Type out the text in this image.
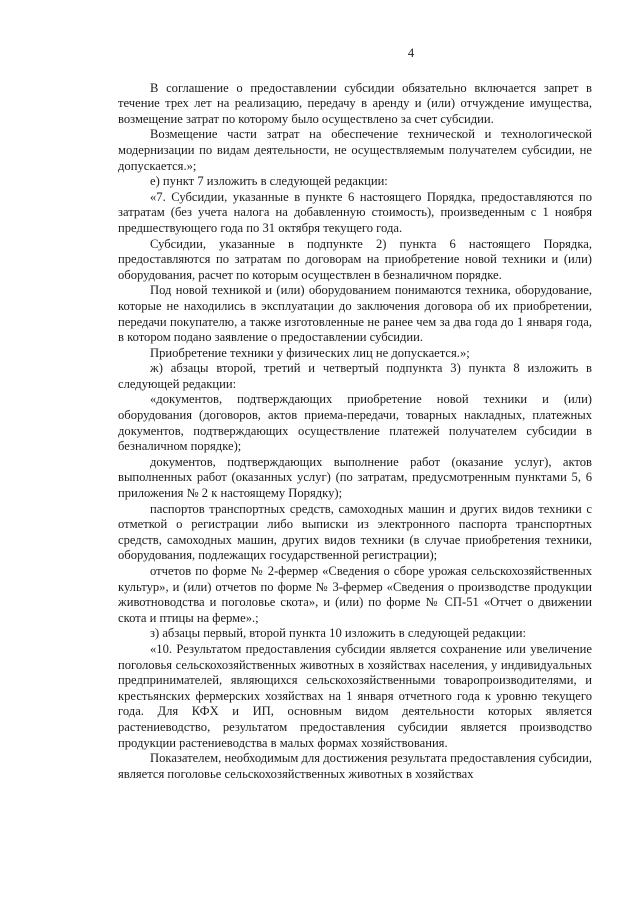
4

В соглашение о предоставлении субсидии обязательно включается запрет в течение трех лет на реализацию, передачу в аренду и (или) отчуждение имущества, возмещение затрат по которому было осуществлено за счет субсидии.

Возмещение части затрат на обеспечение технической и технологической модернизации по видам деятельности, не осуществляемым получателем субсидии, не допускается.»;

е) пункт 7 изложить в следующей редакции:

«7. Субсидии, указанные в пункте 6 настоящего Порядка, предоставляются по затратам (без учета налога на добавленную стоимость), произведенным с 1 ноября предшествующего года по 31 октября текущего года.

Субсидии, указанные в подпункте 2) пункта 6 настоящего Порядка, предоставляются по затратам по договорам на приобретение новой техники и (или) оборудования, расчет по которым осуществлен в безналичном порядке.

Под новой техникой и (или) оборудованием понимаются техника, оборудование, которые не находились в эксплуатации до заключения договора об их приобретении, передачи покупателю, а также изготовленные не ранее чем за два года до 1 января года, в котором подано заявление о предоставлении субсидии.

Приобретение техники у физических лиц не допускается.»;

ж) абзацы второй, третий и четвертый подпункта 3) пункта 8 изложить в следующей редакции:

«документов, подтверждающих приобретение новой техники и (или) оборудования (договоров, актов приема-передачи, товарных накладных, платежных документов, подтверждающих осуществление платежей получателем субсидии в безналичном порядке);

документов, подтверждающих выполнение работ (оказание услуг), актов выполненных работ (оказанных услуг) (по затратам, предусмотренным пунктами 5, 6 приложения № 2 к настоящему Порядку);

паспортов транспортных средств, самоходных машин и других видов техники с отметкой о регистрации либо выписки из электронного паспорта транспортных средств, самоходных машин, других видов техники (в случае приобретения техники, оборудования, подлежащих государственной регистрации);

отчетов по форме № 2-фермер «Сведения о сборе урожая сельскохозяйственных культур», и (или) отчетов по форме № 3-фермер «Сведения о производстве продукции животноводства и поголовье скота», и (или) по форме № СП-51 «Отчет о движении скота и птицы на ферме».;

з) абзацы первый, второй пункта 10 изложить в следующей редакции:

«10. Результатом предоставления субсидии является сохранение или увеличение поголовья сельскохозяйственных животных в хозяйствах населения, у индивидуальных предпринимателей, являющихся сельскохозяйственными товаропроизводителями, и крестьянских фермерских хозяйствах на 1 января отчетного года к уровню текущего года. Для КФХ и ИП, основным видом деятельности которых является растениеводство, результатом предоставления субсидии является производство продукции растениеводства в малых формах хозяйствования.

Показателем, необходимым для достижения результата предоставления субсидии, является поголовье сельскохозяйственных животных в хозяйствах
